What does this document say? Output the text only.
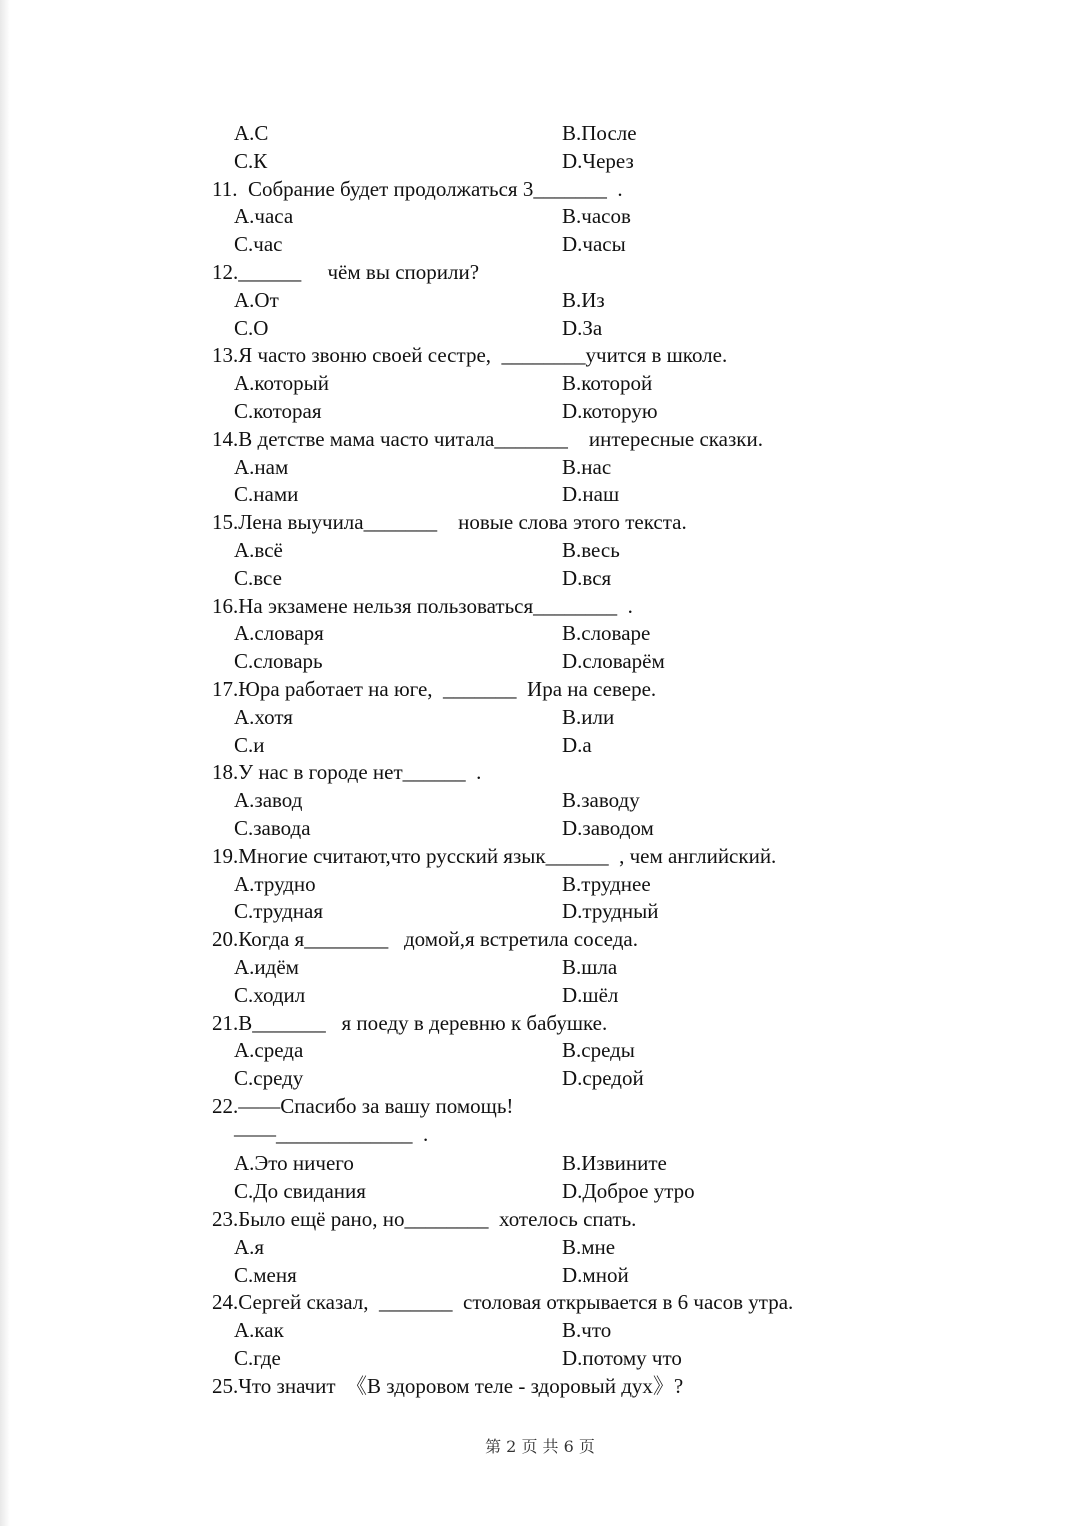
A.С	B.После
C.К	D.Через
11.  Собрание будет продолжаться 3_______  .
A.часа	B.часов
C.час	D.часы
12.______     чём вы спорили?
A.От	B.Из
C.О	D.За
13.Я часто звоню своей сестре,  ________учится в школе.
A.который	B.которой
C.которая	D.которую
14.В детстве мама часто читала_______    интересные сказки.
A.нам	B.нас
C.нами	D.наш
15.Лена выучила_______    новые слова этого текста.
A.всё	B.весь
C.все	D.вся
16.На экзамене нельзя пользоваться________  .
A.словаря	B.словаре
C.словарь	D.словарём
17.Юра работает на юге,  _______  Ира на севере.
A.хотя	B.или
C.и	D.а
18.У нас в городе нет______  .
A.завод	B.заводу
C.завода	D.заводом
19.Многие считают,что русский язык______  , чем английский.
A.трудно	B.труднее
C.трудная	D.трудный
20.Когда я________   домой,я встретила соседа.
A.идём	B.шла
C.ходил	D.шёл
21.В_______   я поеду в деревню к бабушке.
A.среда	B.среды
C.среду	D.средой
22.——Спасибо за вашу помощь!
——_____________  .
A.Это ничего	B.Извините
C.До свидания	D.Доброе утро
23.Было ещё рано, но________  хотелось спать.
A.я	B.мне
C.меня	D.мной
24.Сергей сказал,  _______  столовая открывается в 6 часов утра.
A.как	B.что
C.где	D.потому что
25.Что значит  《В здоровом теле - здоровый дух》?
第 2 页 共 6 页
